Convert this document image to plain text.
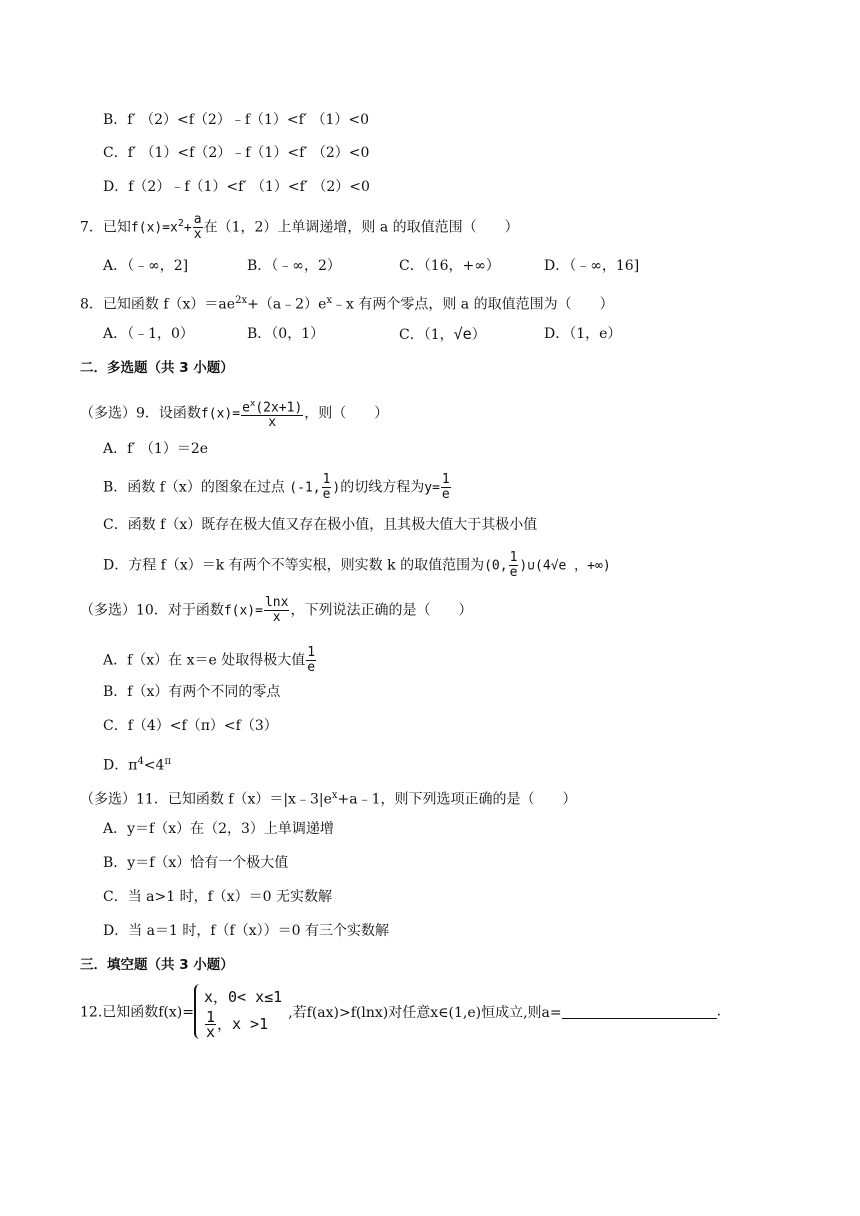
B．f′ （2）<f（2）﹣f（1）<f′ （1）<0
C．f′ （1）<f（2）﹣f（1）<f′ （2）<0
D．f（2）﹣f（1）<f′ （1）<f′ （2）<0
7．已知$f(x)=x^2+ \frac{a}{x}$ 在（1，2）上单调递增，则 a 的取值范围（　　）
A．（﹣∞，2]	B．（﹣∞，2）	C．（16，+∞）	D．（﹣∞，16]
8．已知函数 $f(x)=ae^{2x}+(a﹣2)e^x﹣x$ 有两个零点，则 a 的取值范围为（　　）
A．（﹣1，0）	B．（0，1）	C．（1，√e）	D．（1，e）
二．多选题（共 3 小题）
（多选）9．设函数$f(x)= \frac{e^x(2x+1)}{x}$ ，则（　　）
A．f′ （1）＝2e
B．函数 f（x）的图象在过点 (-1, $\frac{1}{e}$ )的切线方程为$y= \frac{1}{e}$
C．函数 f（x）既存在极大值又存在极小值，且其极大值大于其极小值
D．方程 f（x）＝k 有两个不等实根，则实数 k 的取值范围为(0, $\frac{1}{e}$ )∪(4√e ，+∞)
（多选）10．对于函数$f(x)= \frac{\ln x}{x}$ ，下列说法正确的是（　　）
A．f（x）在 x＝e 处取得极大值 $\frac{1}{e}$
B．f（x）有两个不同的零点
C．f（4）<f（π）<f（3）
D．$\pi^4<4^\pi$
（多选）11．已知函数 $f(x)=|x﹣3|e^x+a﹣1$，则下列选项正确的是（　　）
A．y＝f（x）在（2，3）上单调递增
B．y＝f（x）恰有一个极大值
C．当 a>1 时，f（x）＝0 无实数解
D．当 a＝1 时，f（f（x））＝0 有三个实数解
三．填空题（共 3 小题）
12.已知函数f(x)=
x，0< x≤1
$\frac{1}{x}$ ，x >1
,若f(ax)>f(lnx)对任意x∈(1,e)恒成立,则a=	.
